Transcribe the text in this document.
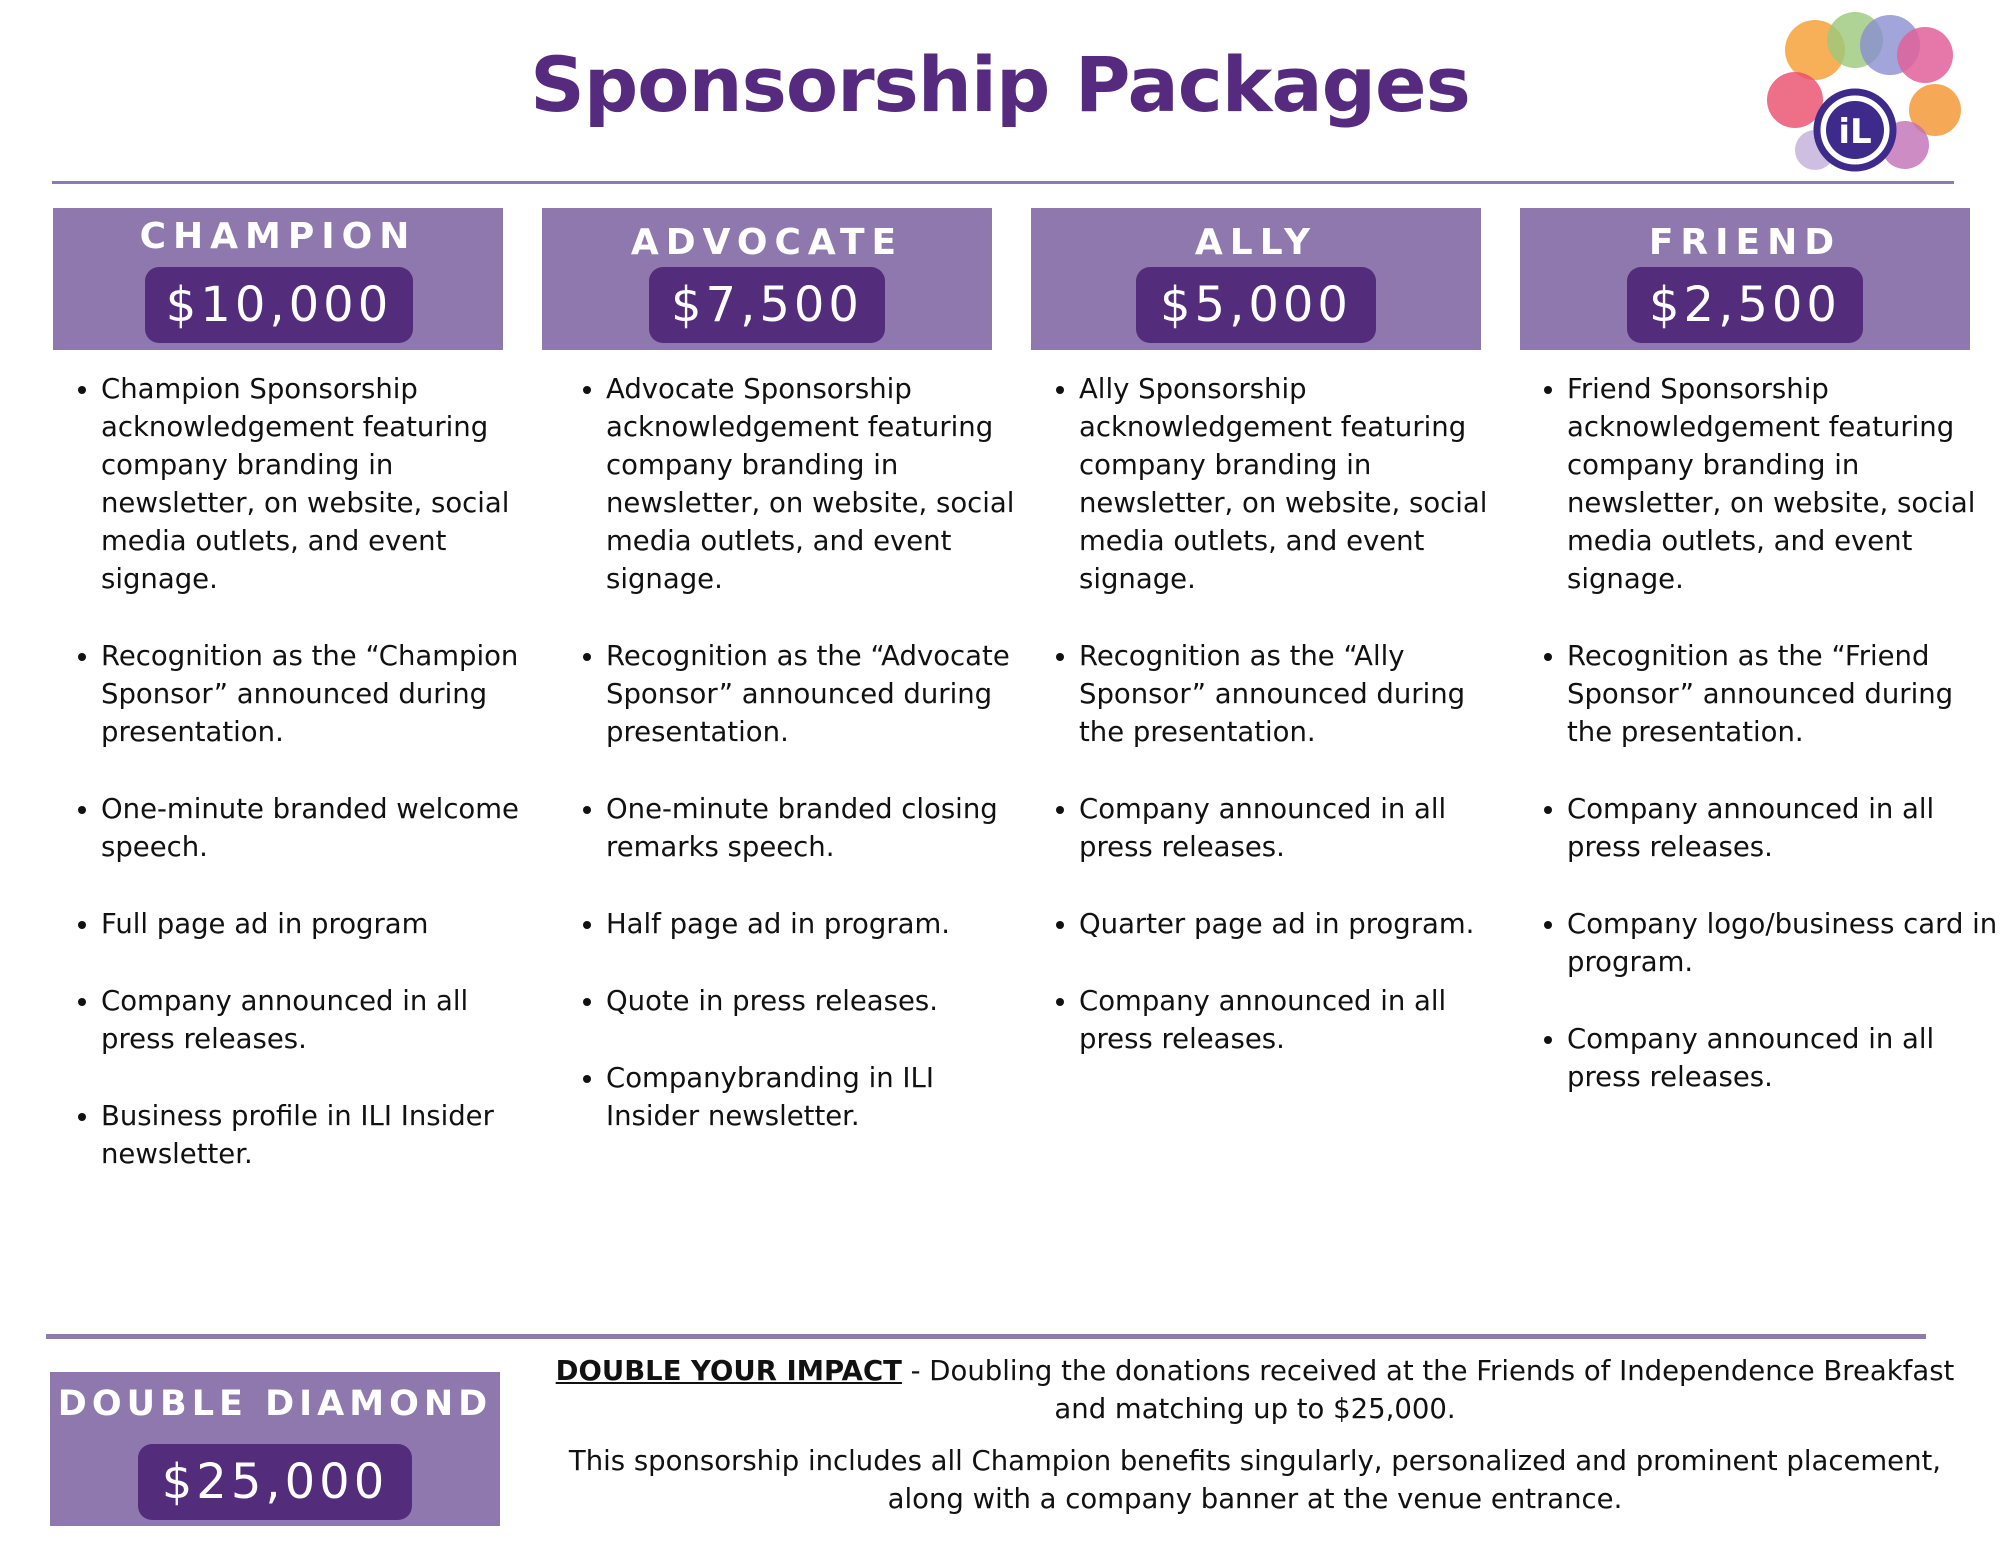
Sponsorship Packages
iL
CHAMPION
$10,000
• Champion Sponsorship acknowledgement featuring company branding in newsletter, on website, social media outlets, and event signage.
• Recognition as the “Champion Sponsor” announced during presentation.
• One-minute branded welcome speech.
• Full page ad in program
• Company announced in all press releases.
• Business profile in ILI Insider newsletter.
ADVOCATE
$7,500
• Advocate Sponsorship acknowledgement featuring company branding in newsletter, on website, social media outlets, and event signage.
• Recognition as the “Advocate Sponsor” announced during presentation.
• One-minute branded closing remarks speech.
• Half page ad in program.
• Quote in press releases.
• Companybranding in ILI Insider newsletter.
ALLY
$5,000
• Ally Sponsorship acknowledgement featuring company branding in newsletter, on website, social media outlets, and event signage.
• Recognition as the “Ally Sponsor” announced during the presentation.
• Company announced in all press releases.
• Quarter page ad in program.
• Company announced in all press releases.
FRIEND
$2,500
• Friend Sponsorship acknowledgement featuring company branding in newsletter, on website, social media outlets, and event signage.
• Recognition as the “Friend Sponsor” announced during the presentation.
• Company announced in all press releases.
• Company logo/business card in program.
• Company announced in all press releases.
DOUBLE DIAMOND
$25,000

DOUBLE YOUR IMPACT - Doubling the donations received at the Friends of Independence Breakfast and matching up to $25,000.

This sponsorship includes all Champion benefits singularly, personalized and prominent placement, along with a company banner at the venue entrance.
